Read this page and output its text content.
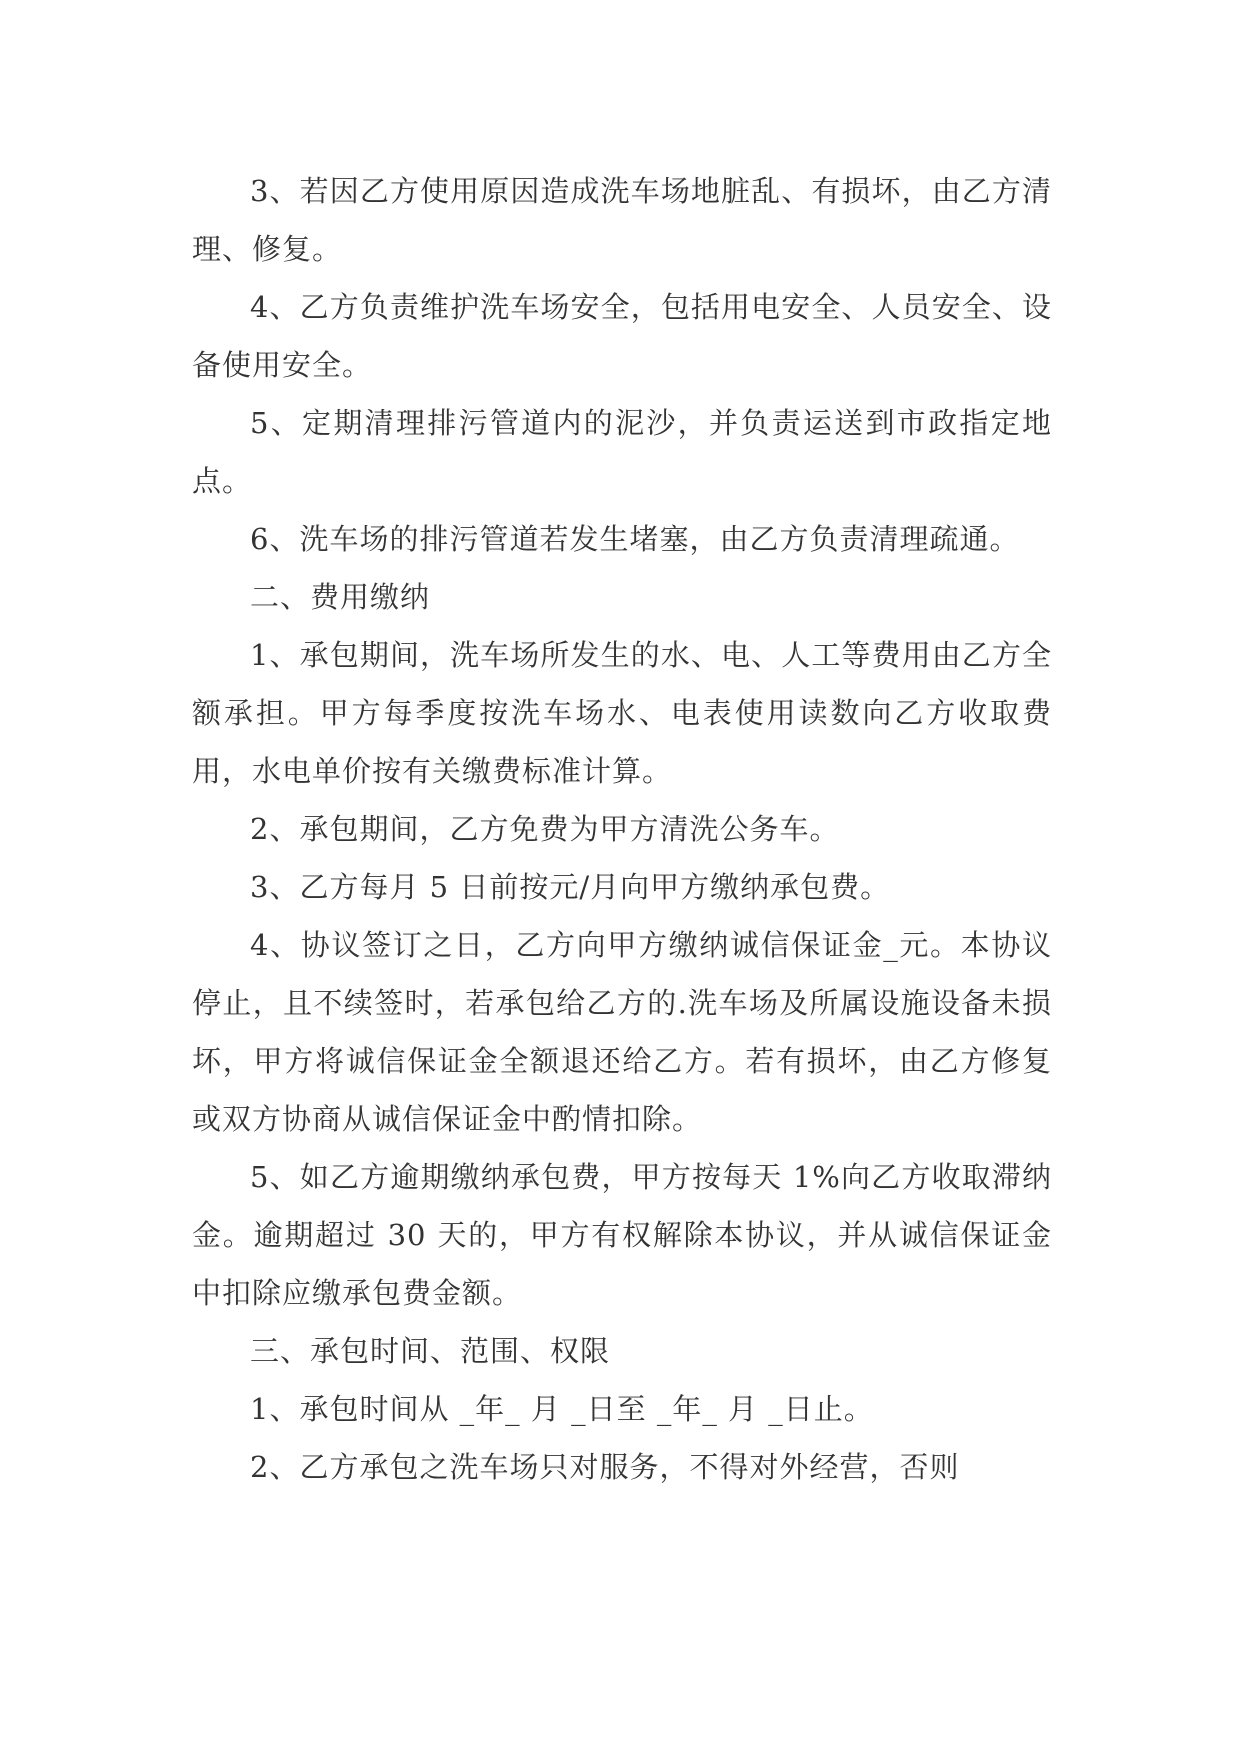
3、若因乙方使用原因造成洗车场地脏乱、有损坏，由乙方清理、修复。

4、乙方负责维护洗车场安全，包括用电安全、人员安全、设备使用安全。

5、定期清理排污管道内的泥沙，并负责运送到市政指定地点。

6、洗车场的排污管道若发生堵塞，由乙方负责清理疏通。

二、费用缴纳

1、承包期间，洗车场所发生的水、电、人工等费用由乙方全额承担。甲方每季度按洗车场水、电表使用读数向乙方收取费用，水电单价按有关缴费标准计算。

2、承包期间，乙方免费为甲方清洗公务车。

3、乙方每月 5 日前按元/月向甲方缴纳承包费。

4、协议签订之日，乙方向甲方缴纳诚信保证金_元。本协议停止，且不续签时，若承包给乙方的.洗车场及所属设施设备未损坏，甲方将诚信保证金全额退还给乙方。若有损坏，由乙方修复或双方协商从诚信保证金中酌情扣除。

5、如乙方逾期缴纳承包费，甲方按每天 1%向乙方收取滞纳金。逾期超过 30 天的，甲方有权解除本协议，并从诚信保证金中扣除应缴承包费金额。

三、承包时间、范围、权限

1、承包时间从 _年_ 月 _日至 _年_ 月 _日止。

2、乙方承包之洗车场只对服务，不得对外经营，否则
